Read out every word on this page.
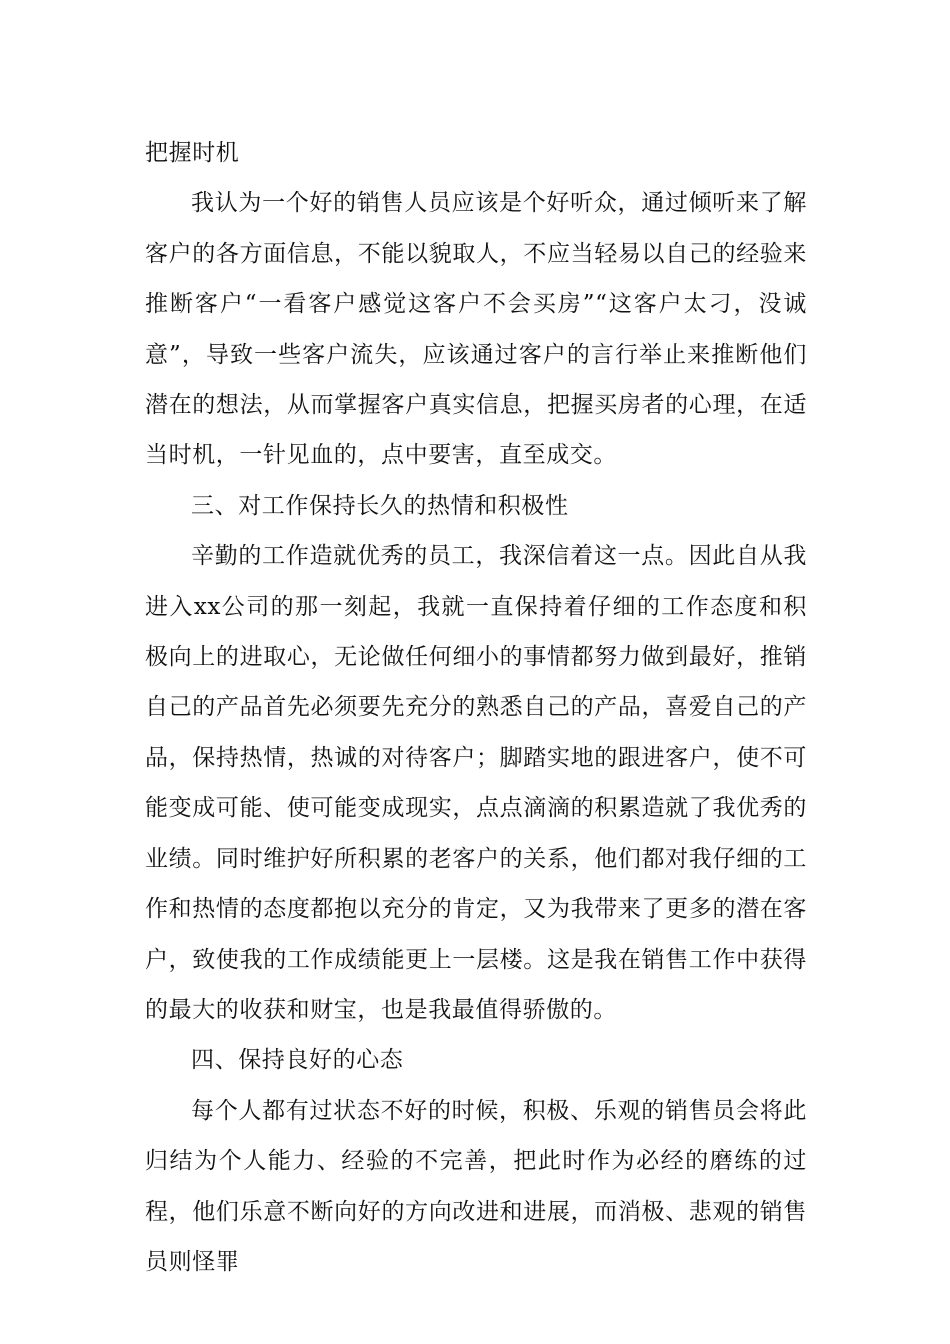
把握时机

我认为一个好的销售人员应该是个好听众，通过倾听来了解客户的各方面信息，不能以貌取人，不应当轻易以自己的经验来推断客户“一看客户感觉这客户不会买房”“这客户太刁，没诚意”，导致一些客户流失，应该通过客户的言行举止来推断他们潜在的想法，从而掌握客户真实信息，把握买房者的心理，在适当时机，一针见血的，点中要害，直至成交。

三、对工作保持长久的热情和积极性

辛勤的工作造就优秀的员工，我深信着这一点。因此自从我进入xx公司的那一刻起，我就一直保持着仔细的工作态度和积极向上的进取心，无论做任何细小的事情都努力做到最好，推销自己的产品首先必须要先充分的熟悉自己的产品，喜爱自己的产品，保持热情，热诚的对待客户；脚踏实地的跟进客户，使不可能变成可能、使可能变成现实，点点滴滴的积累造就了我优秀的业绩。同时维护好所积累的老客户的关系，他们都对我仔细的工作和热情的态度都抱以充分的肯定，又为我带来了更多的潜在客户，致使我的工作成绩能更上一层楼。这是我在销售工作中获得的最大的收获和财宝，也是我最值得骄傲的。

四、保持良好的心态

每个人都有过状态不好的时候，积极、乐观的销售员会将此归结为个人能力、经验的不完善，把此时作为必经的磨练的过程，他们乐意不断向好的方向改进和进展，而消极、悲观的销售员则怪罪
